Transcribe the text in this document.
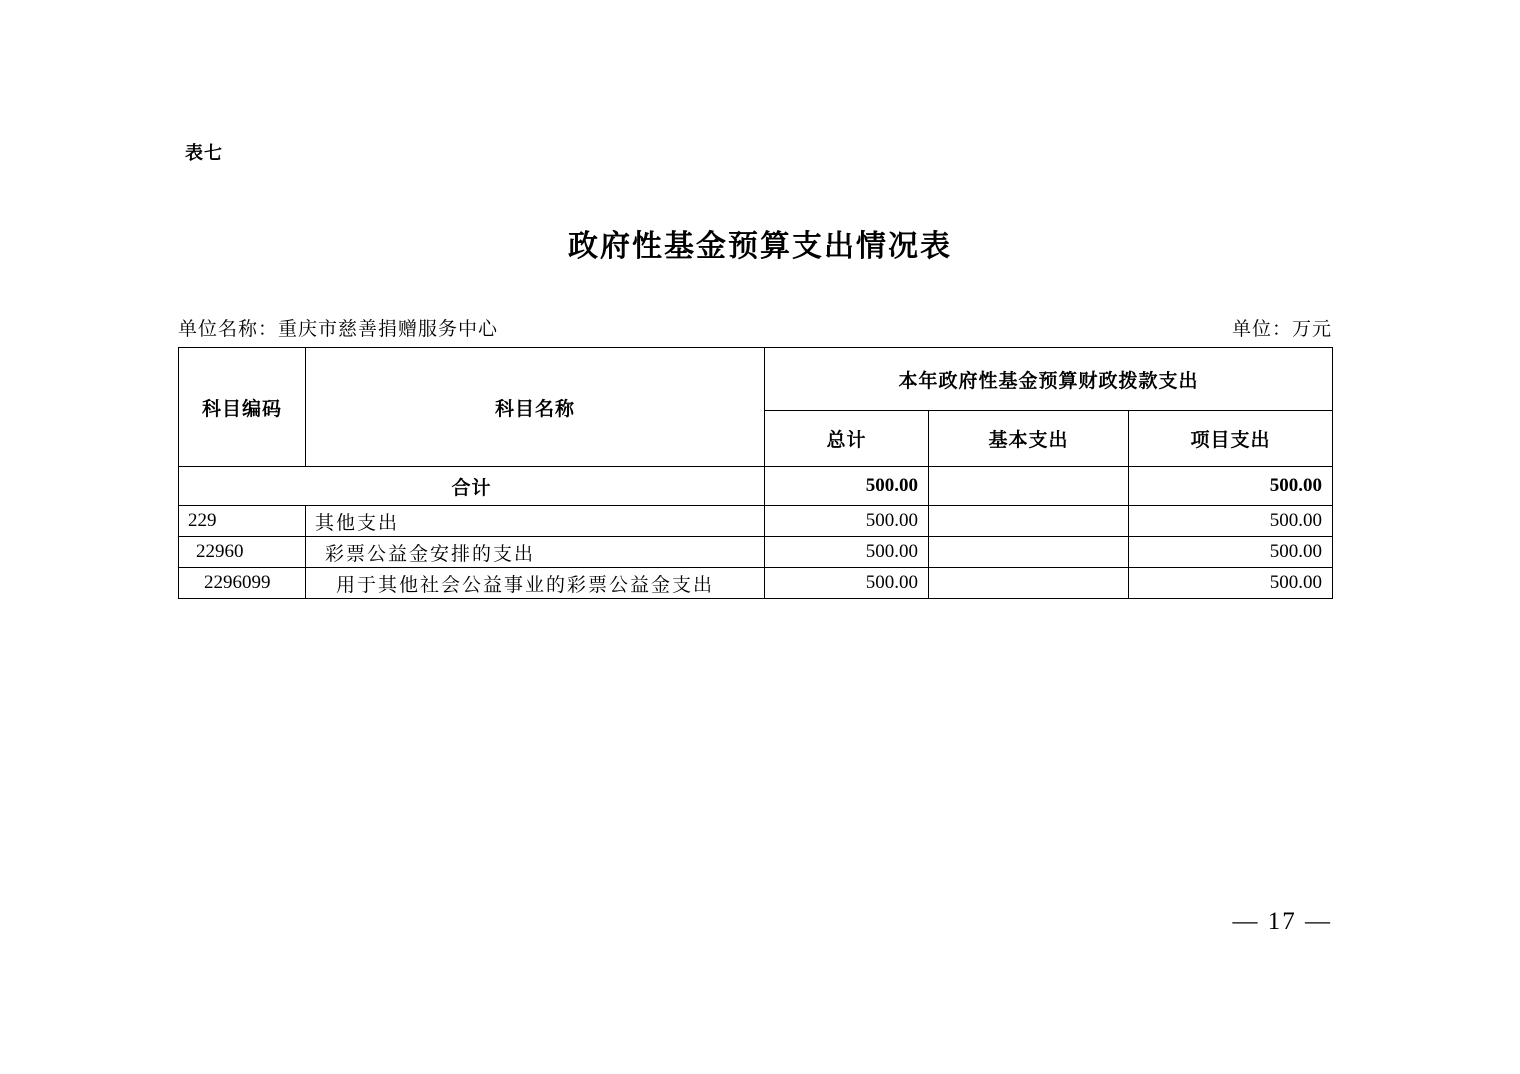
表七
政府性基金预算支出情况表
单位名称：重庆市慈善捐赠服务中心	单位：万元
科目编码	科目名称	本年政府性基金预算财政拨款支出		
		总计	基本支出	项目支出
合计		500.00		500.00
229	其他支出	500.00		500.00
22960	彩票公益金安排的支出	500.00		500.00
2296099	用于其他社会公益事业的彩票公益金支出	500.00		500.00
— 17 —
